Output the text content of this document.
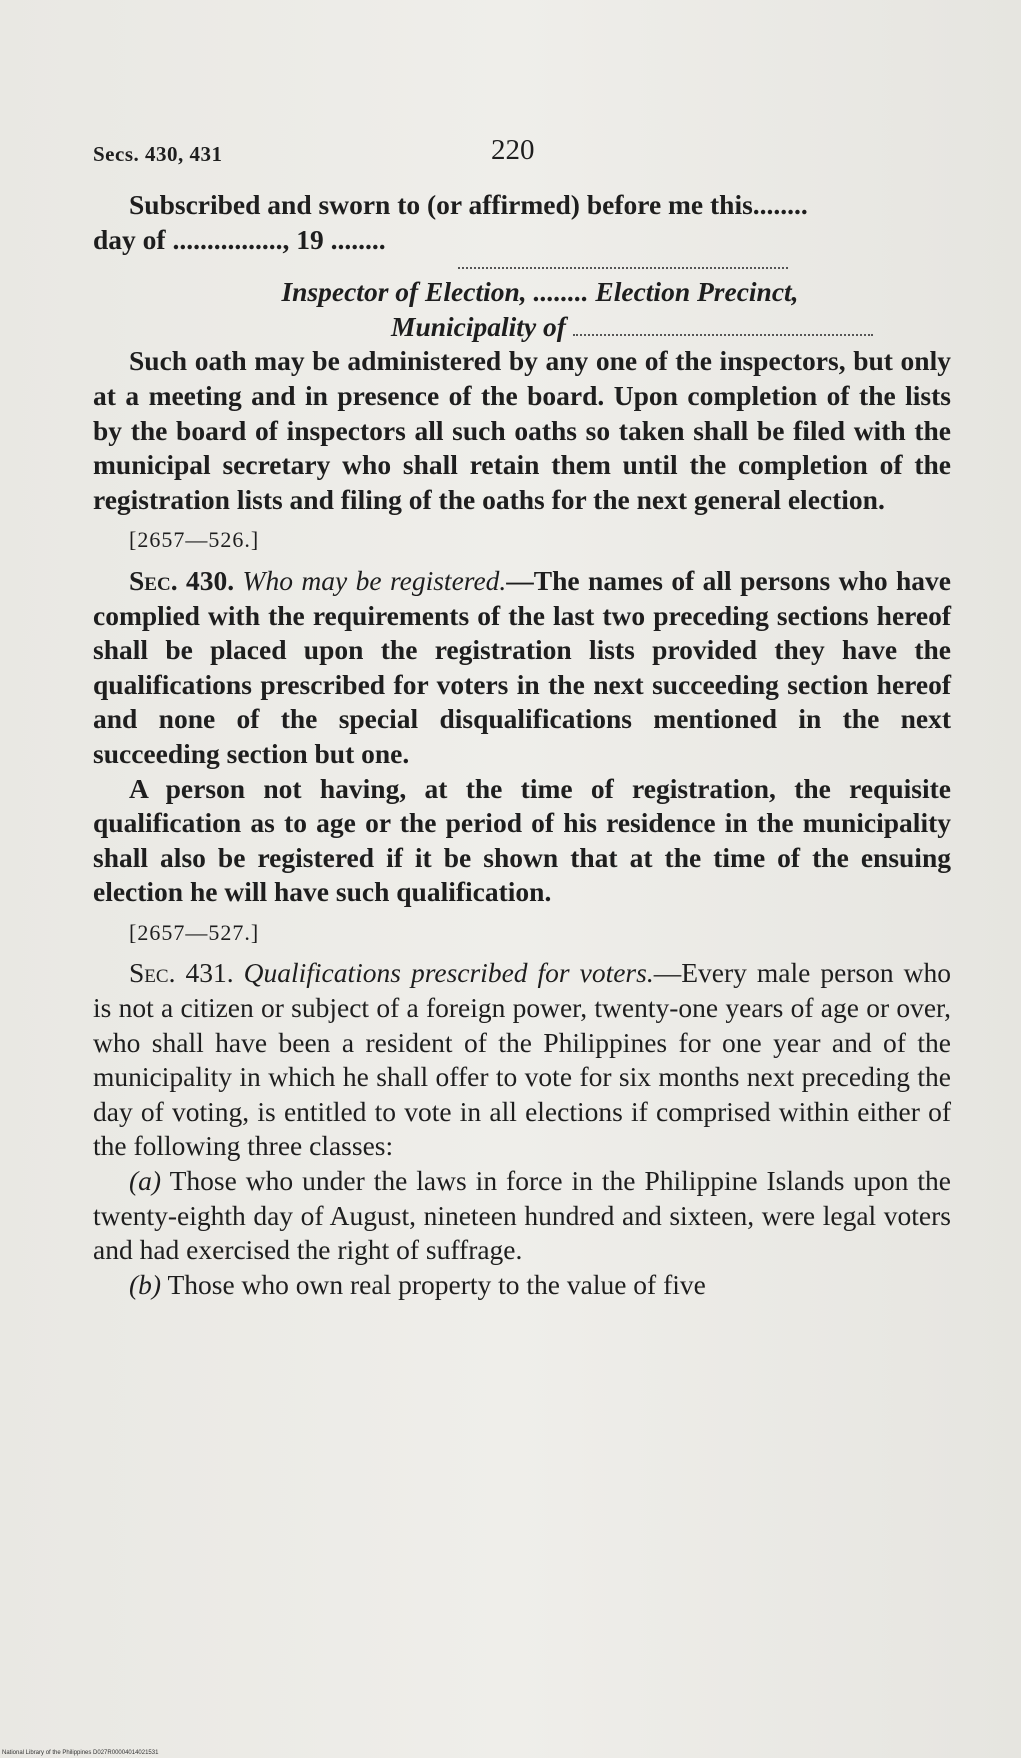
Secs. 430, 431	220

Subscribed and sworn to (or affirmed) before me this........

day of ................, 19 ........

Inspector of Election, ........ Election Precinct,

Municipality of

Such oath may be administered by any one of the inspectors, but only at a meeting and in presence of the board. Upon completion of the lists by the board of inspectors all such oaths so taken shall be filed with the municipal secretary who shall retain them until the completion of the registration lists and filing of the oaths for the next general election.

[2657—526.]

Sec. 430. Who may be registered.—The names of all persons who have complied with the requirements of the last two preceding sections hereof shall be placed upon the registration lists provided they have the qualifications prescribed for voters in the next succeeding section hereof and none of the special disqualifications mentioned in the next succeeding section but one.

A person not having, at the time of registration, the requisite qualification as to age or the period of his residence in the municipality shall also be registered if it be shown that at the time of the ensuing election he will have such qualification.

[2657—527.]

Sec. 431. Qualifications prescribed for voters.—Every male person who is not a citizen or subject of a foreign power, twenty-one years of age or over, who shall have been a resident of the Philippines for one year and of the municipality in which he shall offer to vote for six months next preceding the day of voting, is entitled to vote in all elections if comprised within either of the following three classes:

(a) Those who under the laws in force in the Philippine Islands upon the twenty-eighth day of August, nineteen hundred and sixteen, were legal voters and had exercised the right of suffrage.

(b) Those who own real property to the value of five

National Library of the Philippines D027R00004014021531
